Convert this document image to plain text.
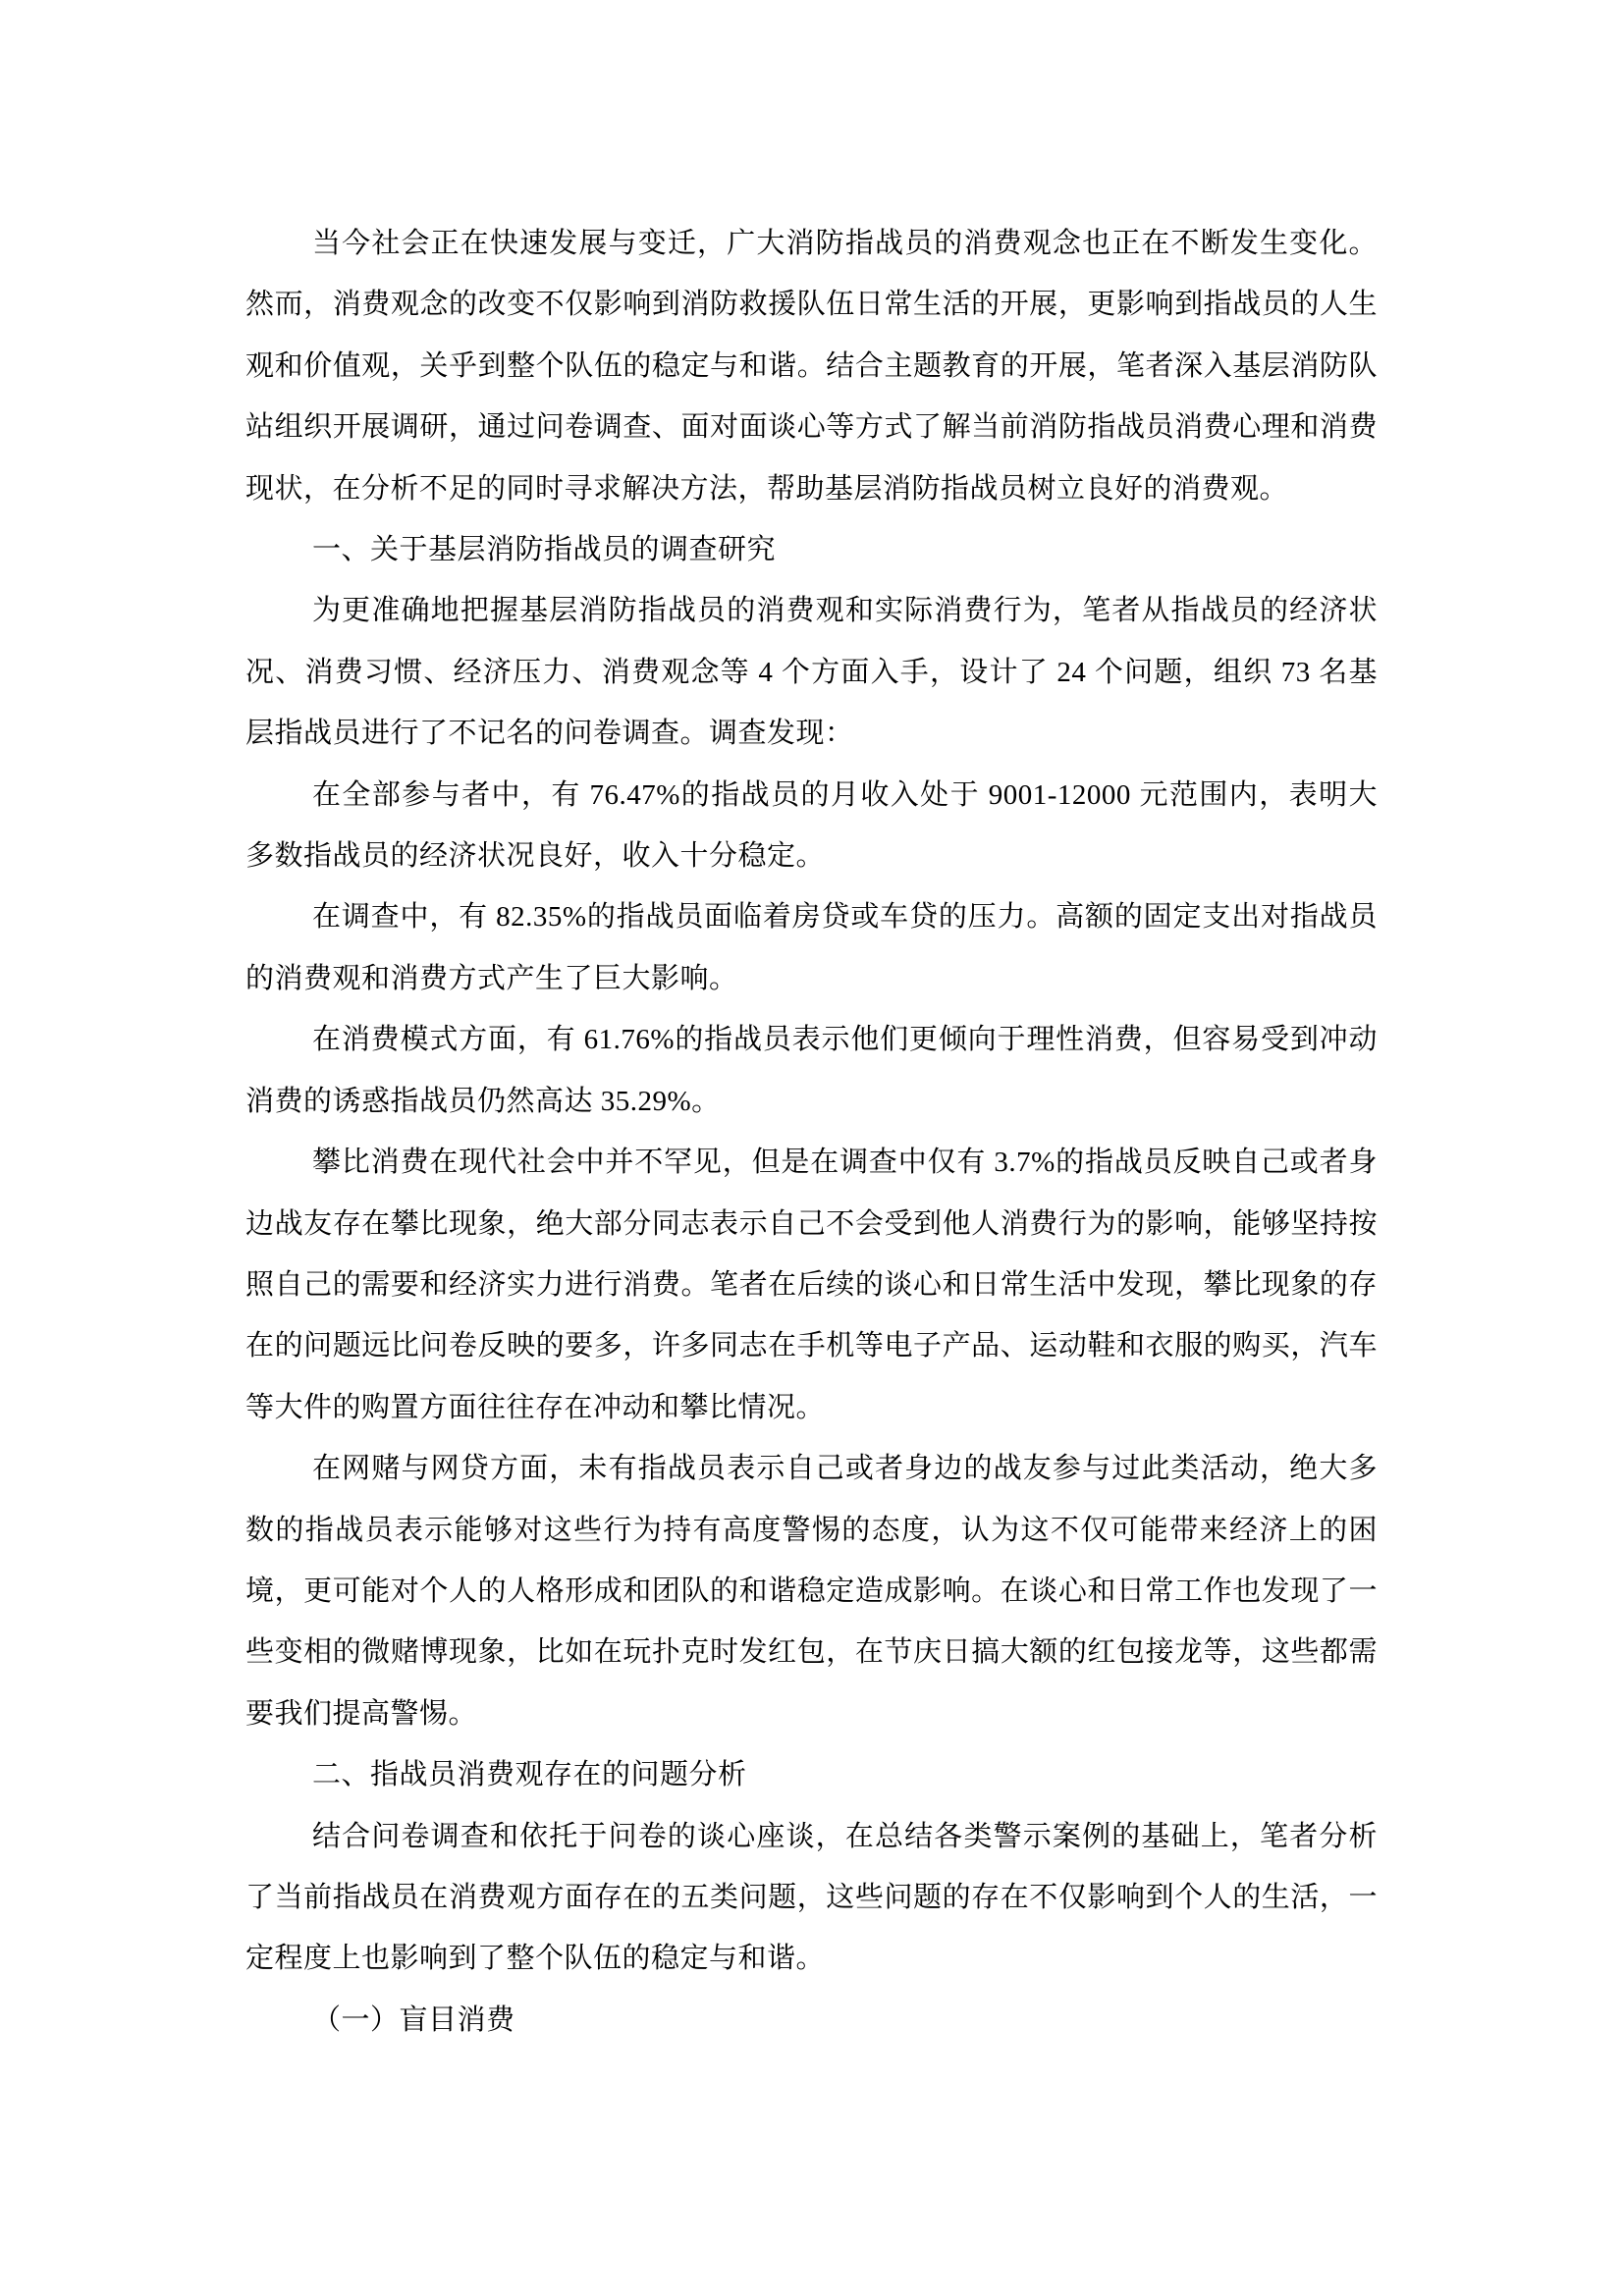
当今社会正在快速发展与变迁，广大消防指战员的消费观念也正在不断发生变化。然而，消费观念的改变不仅影响到消防救援队伍日常生活的开展，更影响到指战员的人生观和价值观，关乎到整个队伍的稳定与和谐。结合主题教育的开展，笔者深入基层消防队站组织开展调研，通过问卷调查、面对面谈心等方式了解当前消防指战员消费心理和消费现状，在分析不足的同时寻求解决方法，帮助基层消防指战员树立良好的消费观。

一、关于基层消防指战员的调查研究

为更准确地把握基层消防指战员的消费观和实际消费行为，笔者从指战员的经济状况、消费习惯、经济压力、消费观念等 4 个方面入手，设计了 24 个问题，组织 73 名基层指战员进行了不记名的问卷调查。调查发现：

在全部参与者中，有 76.47%的指战员的月收入处于 9001-12000 元范围内，表明大多数指战员的经济状况良好，收入十分稳定。

在调查中，有 82.35%的指战员面临着房贷或车贷的压力。高额的固定支出对指战员的消费观和消费方式产生了巨大影响。

在消费模式方面，有 61.76%的指战员表示他们更倾向于理性消费，但容易受到冲动消费的诱惑指战员仍然高达 35.29%。

攀比消费在现代社会中并不罕见，但是在调查中仅有 3.7%的指战员反映自己或者身边战友存在攀比现象，绝大部分同志表示自己不会受到他人消费行为的影响，能够坚持按照自己的需要和经济实力进行消费。笔者在后续的谈心和日常生活中发现，攀比现象的存在的问题远比问卷反映的要多，许多同志在手机等电子产品、运动鞋和衣服的购买，汽车等大件的购置方面往往存在冲动和攀比情况。

在网赌与网贷方面，未有指战员表示自己或者身边的战友参与过此类活动，绝大多数的指战员表示能够对这些行为持有高度警惕的态度，认为这不仅可能带来经济上的困境，更可能对个人的人格形成和团队的和谐稳定造成影响。在谈心和日常工作也发现了一些变相的微赌博现象，比如在玩扑克时发红包，在节庆日搞大额的红包接龙等，这些都需要我们提高警惕。

二、指战员消费观存在的问题分析

结合问卷调查和依托于问卷的谈心座谈，在总结各类警示案例的基础上，笔者分析了当前指战员在消费观方面存在的五类问题，这些问题的存在不仅影响到个人的生活，一定程度上也影响到了整个队伍的稳定与和谐。

（一）盲目消费
